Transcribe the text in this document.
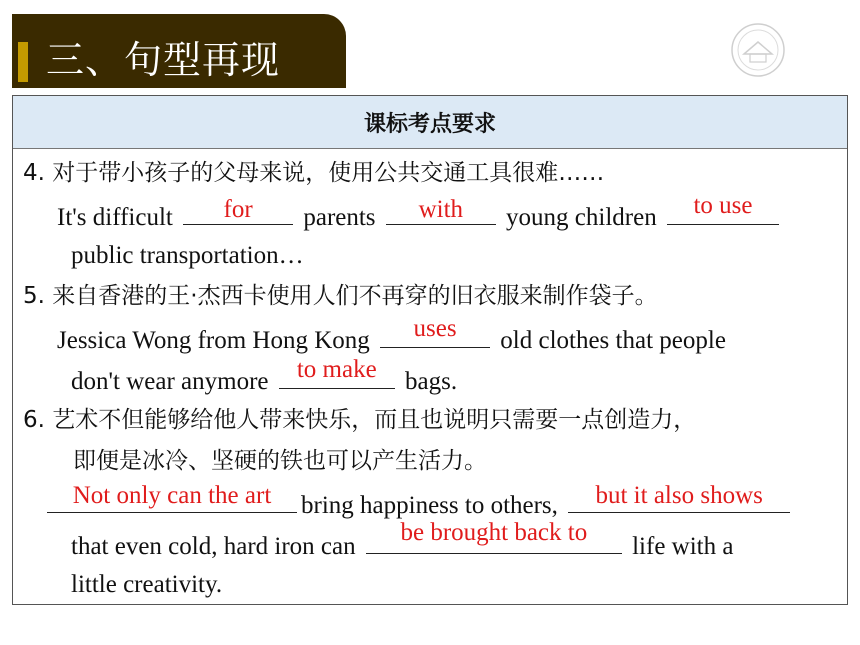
三、句型再现
课标考点要求
4. 对于带小孩子的父母来说，使用公共交通工具很难……
It's difficult	for	parents	with	young children	to use
public transportation…
5. 来自香港的王·杰西卡使用人们不再穿的旧衣服来制作袋子。
Jessica Wong from Hong Kong	uses	old clothes that people
don't wear anymore	to make	bags.
6. 艺术不但能够给他人带来快乐，而且也说明只需要一点创造力，
即便是冰冷、坚硬的铁也可以产生活力。
Not only can the art	bring happiness to others,	but it also shows
that even cold, hard iron can
be brought back to
life with a
little creativity.
